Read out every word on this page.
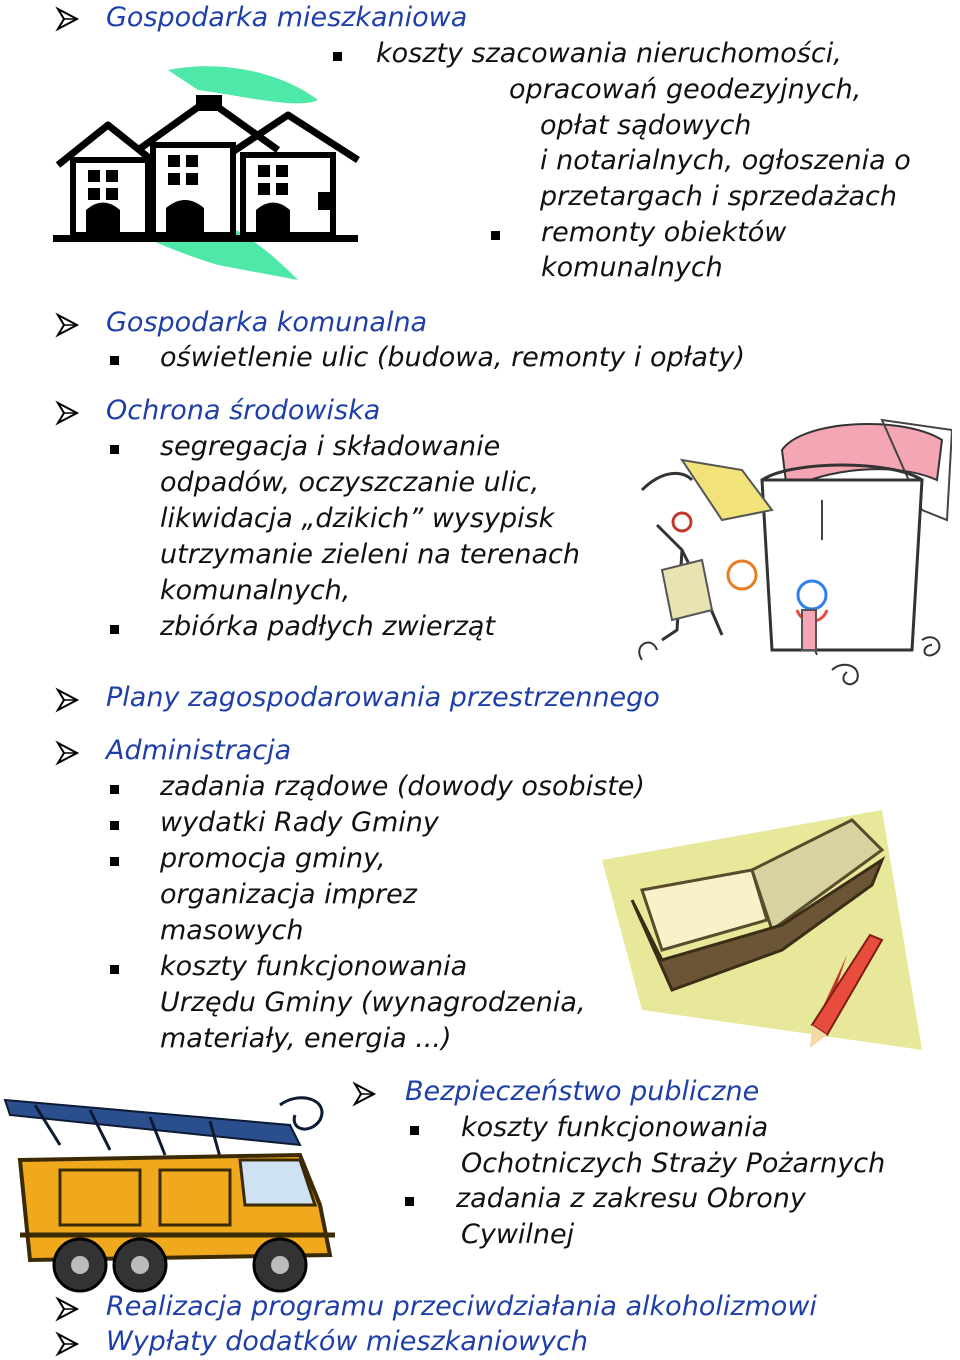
Gospodarka mieszkaniowa
koszty szacowania nieruchomości,
opracowań geodezyjnych,
opłat sądowych
i notarialnych, ogłoszenia o
przetargach i sprzedażach
remonty obiektów
komunalnych
Gospodarka komunalna
oświetlenie ulic (budowa, remonty i opłaty)
Ochrona środowiska
segregacja i składowanie
odpadów, oczyszczanie ulic,
likwidacja „dzikich” wysypisk
utrzymanie zieleni na terenach
komunalnych,
zbiórka padłych zwierząt
Plany zagospodarowania przestrzennego
Administracja
zadania rządowe (dowody osobiste)
wydatki Rady Gminy
promocja gminy,
organizacja imprez
masowych
koszty funkcjonowania
Urzędu Gminy (wynagrodzenia,
materiały, energia ...)
Bezpieczeństwo publiczne
koszty funkcjonowania
Ochotniczych Straży Pożarnych
zadania z zakresu Obrony
Cywilnej
Realizacja programu przeciwdziałania alkoholizmowi
Wypłaty dodatków mieszkaniowych
